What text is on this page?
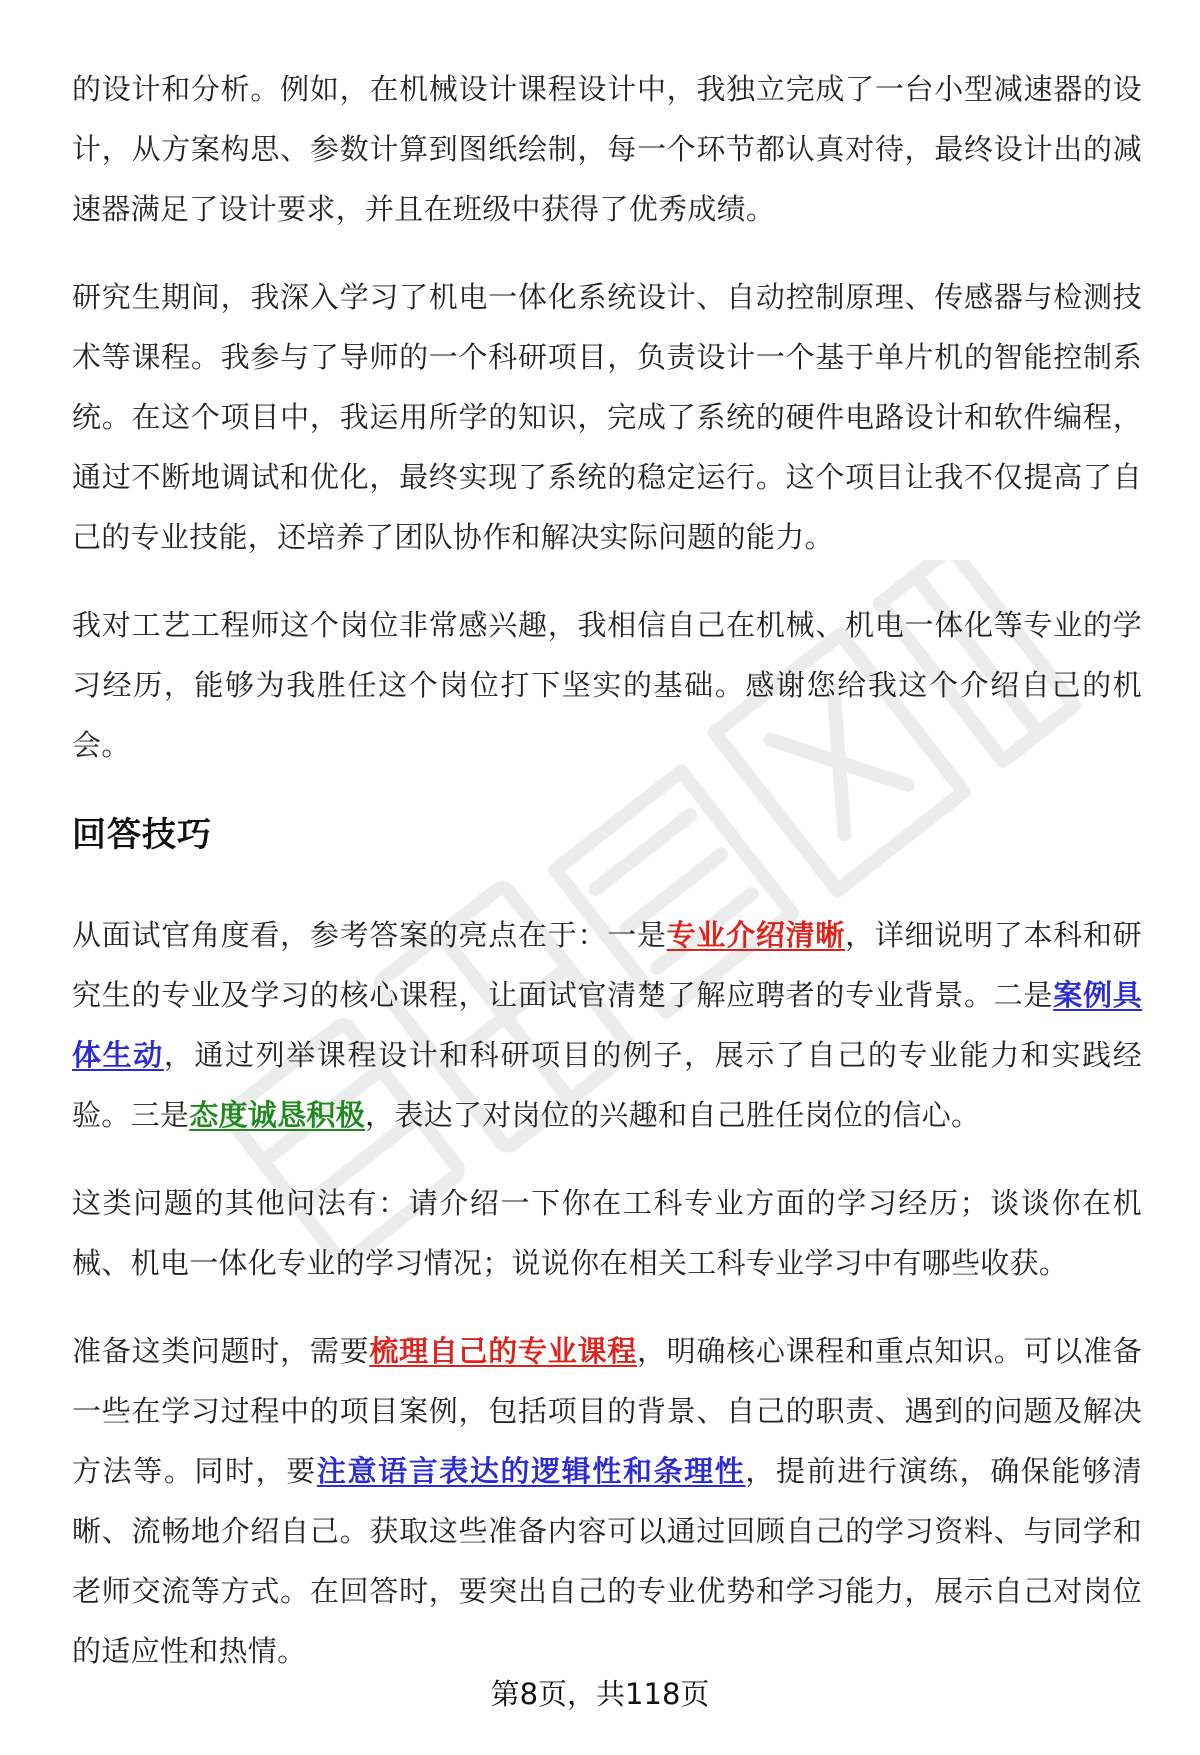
的设计和分析。例如，在机械设计课程设计中，我独立完成了一台小型减速器的设计，从方案构思、参数计算到图纸绘制，每一个环节都认真对待，最终设计出的减速器满足了设计要求，并且在班级中获得了优秀成绩。

研究生期间，我深入学习了机电一体化系统设计、自动控制原理、传感器与检测技术等课程。我参与了导师的一个科研项目，负责设计一个基于单片机的智能控制系统。在这个项目中，我运用所学的知识，完成了系统的硬件电路设计和软件编程，通过不断地调试和优化，最终实现了系统的稳定运行。这个项目让我不仅提高了自己的专业技能，还培养了团队协作和解决实际问题的能力。

我对工艺工程师这个岗位非常感兴趣，我相信自己在机械、机电一体化等专业的学习经历，能够为我胜任这个岗位打下坚实的基础。感谢您给我这个介绍自己的机会。

回答技巧

从面试官角度看，参考答案的亮点在于：一是专业介绍清晰，详细说明了本科和研究生的专业及学习的核心课程，让面试官清楚了解应聘者的专业背景。二是案例具体生动，通过列举课程设计和科研项目的例子，展示了自己的专业能力和实践经验。三是态度诚恳积极，表达了对岗位的兴趣和自己胜任岗位的信心。

这类问题的其他问法有：请介绍一下你在工科专业方面的学习经历；谈谈你在机械、机电一体化专业的学习情况；说说你在相关工科专业学习中有哪些收获。

准备这类问题时，需要梳理自己的专业课程，明确核心课程和重点知识。可以准备一些在学习过程中的项目案例，包括项目的背景、自己的职责、遇到的问题及解决方法等。同时，要注意语言表达的逻辑性和条理性，提前进行演练，确保能够清晰、流畅地介绍自己。获取这些准备内容可以通过回顾自己的学习资料、与同学和老师交流等方式。在回答时，要突出自己的专业优势和学习能力，展示自己对岗位的适应性和热情。

第8页，共118页
